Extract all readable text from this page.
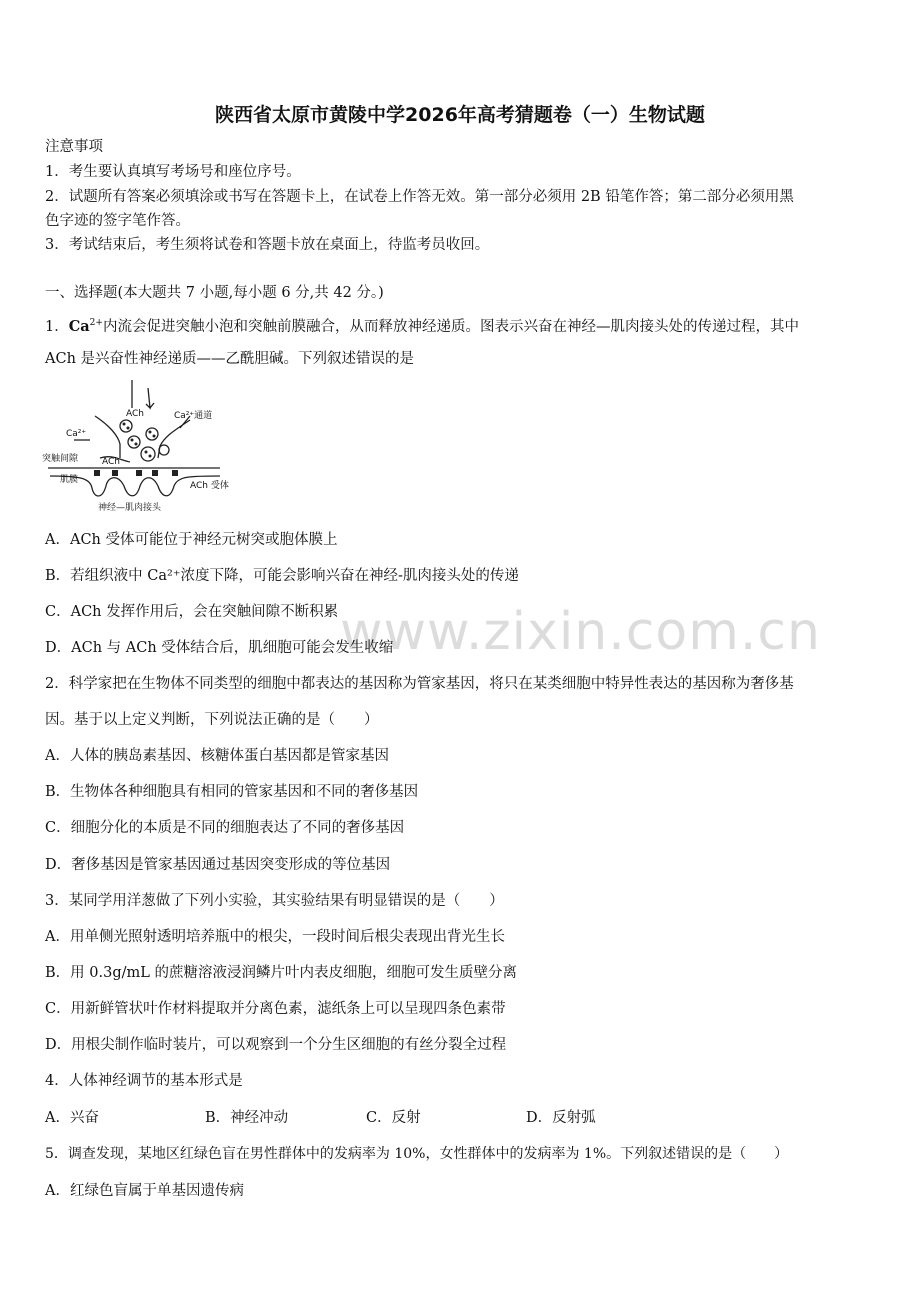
www.zixin.com.cn
陕西省太原市黄陵中学2026年高考猜题卷（一）生物试题
注意事项
1．考生要认真填写考场号和座位序号。
2．试题所有答案必须填涂或书写在答题卡上，在试卷上作答无效。第一部分必须用 2B 铅笔作答；第二部分必须用黑
色字迹的签字笔作答。
3．考试结束后，考生须将试卷和答题卡放在桌面上，待监考员收回。
一、选择题(本大题共 7 小题,每小题 6 分,共 42 分。)
1．$Ca^{2+}$内流会促进突触小泡和突触前膜融合，从而释放神经递质。图表示兴奋在神经—肌肉接头处的传递过程，其中
ACh 是兴奋性神经递质——乙酰胆碱。下列叙述错误的是
ACh	Ca²⁺通道
Ca²⁺
突触间隙	ACh
肌膜
ACh 受体
神经—肌肉接头
A．ACh 受体可能位于神经元树突或胞体膜上
B．若组织液中 Ca²⁺浓度下降，可能会影响兴奋在神经-肌肉接头处的传递
C．ACh 发挥作用后，会在突触间隙不断积累
D．ACh 与 ACh 受体结合后，肌细胞可能会发生收缩
2．科学家把在生物体不同类型的细胞中都表达的基因称为管家基因，将只在某类细胞中特异性表达的基因称为奢侈基
因。基于以上定义判断，下列说法正确的是（　　）
A．人体的胰岛素基因、核糖体蛋白基因都是管家基因
B．生物体各种细胞具有相同的管家基因和不同的奢侈基因
C．细胞分化的本质是不同的细胞表达了不同的奢侈基因
D．奢侈基因是管家基因通过基因突变形成的等位基因
3．某同学用洋葱做了下列小实验，其实验结果有明显错误的是（　　）
A．用单侧光照射透明培养瓶中的根尖，一段时间后根尖表现出背光生长
B．用 0.3g/mL 的蔗糖溶液浸润鳞片叶内表皮细胞，细胞可发生质壁分离
C．用新鲜管状叶作材料提取并分离色素，滤纸条上可以呈现四条色素带
D．用根尖制作临时装片，可以观察到一个分生区细胞的有丝分裂全过程
4．人体神经调节的基本形式是
A．兴奋	B．神经冲动	C．反射	D．反射弧
5．调查发现，某地区红绿色盲在男性群体中的发病率为 10%，女性群体中的发病率为 1%。下列叙述错误的是（　　）
A．红绿色盲属于单基因遗传病
